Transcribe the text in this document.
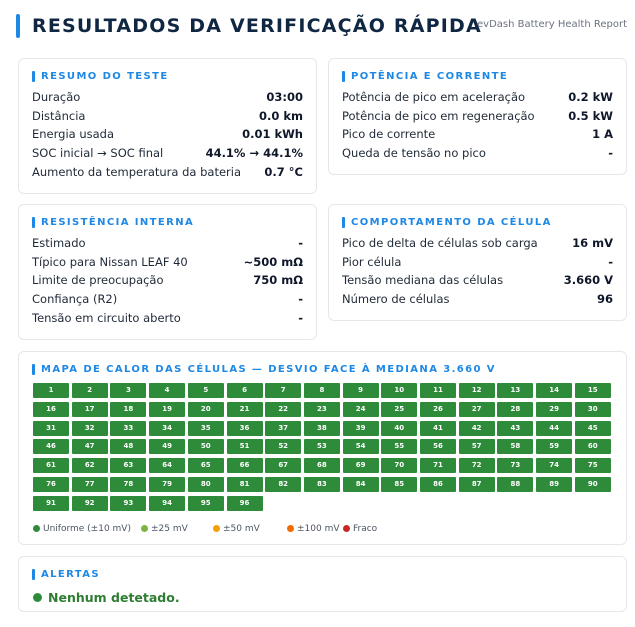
RESULTADOS DA VERIFICAÇÃO RÁPIDA
evDash Battery Health Report
RESUMO DO TESTE
Duração	03:00
Distância	0.0 km
Energia usada	0.01 kWh
SOC inicial → SOC final	44.1% → 44.1%
Aumento da temperatura da bateria 0.7 °C
POTÊNCIA E CORRENTE
Potência de pico em aceleração	0.2 kW
Potência de pico em regeneração	0.5 kW
Pico de corrente	1 A
Queda de tensão no pico	-
RESISTÊNCIA INTERNA
Estimado	-
Típico para Nissan LEAF 40	~500 mΩ
Limite de preocupação	750 mΩ
Confiança (R2)	-
Tensão em circuito aberto	-
COMPORTAMENTO DA CÉLULA
Pico de delta de células sob carga	16 mV
Pior célula	-
Tensão mediana das células	3.660 V
Número de células	96
MAPA DE CALOR DAS CÉLULAS — DESVIO FACE À MEDIANA 3.660 V
1	2	3	4	5	6	7	8	9	10	11	12	13	14	15
16	17	18	19	20	21	22	23	24	25	26	27	28	29	30
31	32	33	34	35	36	37	38	39	40	41	42	43	44	45
46	47	48	49	50	51	52	53	54	55	56	57	58	59	60
61	62	63	64	65	66	67	68	69	70	71	72	73	74	75
76	77	78	79	80	81	82	83	84	85	86	87	88	89	90
91	92	93	94	95	96
Uniforme (±10 mV)	±25 mV	±50 mV	±100 mV	Fraco
ALERTAS
Nenhum detetado.
